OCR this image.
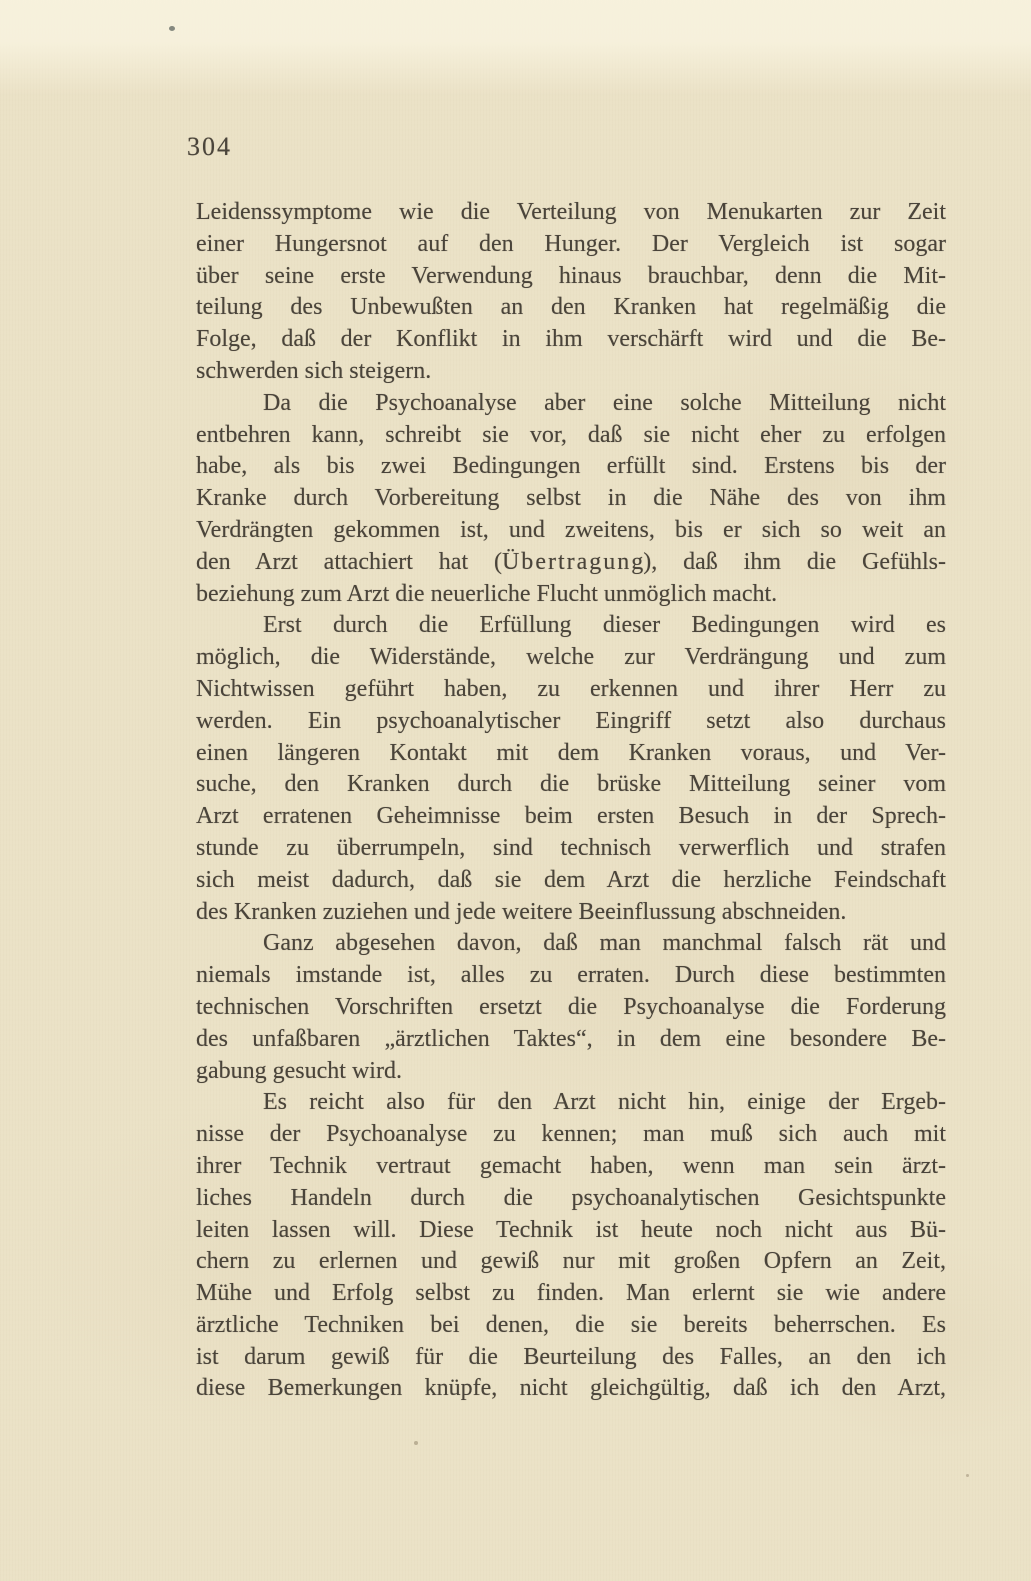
304
Leidenssymptome wie die Verteilung von Menukarten zur Zeit
einer Hungersnot auf den Hunger. Der Vergleich ist sogar
über seine erste Verwendung hinaus brauchbar, denn die Mit-
teilung des Unbewußten an den Kranken hat regelmäßig die
Folge, daß der Konflikt in ihm verschärft wird und die Be-
schwerden sich steigern.
Da die Psychoanalyse aber eine solche Mitteilung nicht
entbehren kann, schreibt sie vor, daß sie nicht eher zu erfolgen
habe, als bis zwei Bedingungen erfüllt sind. Erstens bis der
Kranke durch Vorbereitung selbst in die Nähe des von ihm
Verdrängten gekommen ist, und zweitens, bis er sich so weit an
den Arzt attachiert hat (Ü b e r t r a g u n g), daß ihm die Gefühls-
beziehung zum Arzt die neuerliche Flucht unmöglich macht.
Erst durch die Erfüllung dieser Bedingungen wird es
möglich, die Widerstände, welche zur Verdrängung und zum
Nichtwissen geführt haben, zu erkennen und ihrer Herr zu
werden. Ein psychoanalytischer Eingriff setzt also durchaus
einen längeren Kontakt mit dem Kranken voraus, und Ver-
suche, den Kranken durch die brüske Mitteilung seiner vom
Arzt erratenen Geheimnisse beim ersten Besuch in der Sprech-
stunde zu überrumpeln, sind technisch verwerflich und strafen
sich meist dadurch, daß sie dem Arzt die herzliche Feindschaft
des Kranken zuziehen und jede weitere Beeinflussung abschneiden.
Ganz abgesehen davon, daß man manchmal falsch rät und
niemals imstande ist, alles zu erraten. Durch diese bestimmten
technischen Vorschriften ersetzt die Psychoanalyse die Forderung
des unfaßbaren „ärztlichen Taktes“, in dem eine besondere Be-
gabung gesucht wird.
Es reicht also für den Arzt nicht hin, einige der Ergeb-
nisse der Psychoanalyse zu kennen; man muß sich auch mit
ihrer Technik vertraut gemacht haben, wenn man sein ärzt-
liches Handeln durch die psychoanalytischen Gesichtspunkte
leiten lassen will. Diese Technik ist heute noch nicht aus Bü-
chern zu erlernen und gewiß nur mit großen Opfern an Zeit,
Mühe und Erfolg selbst zu finden. Man erlernt sie wie andere
ärztliche Techniken bei denen, die sie bereits beherrschen. Es
ist darum gewiß für die Beurteilung des Falles, an den ich
diese Bemerkungen knüpfe, nicht gleichgültig, daß ich den Arzt,
